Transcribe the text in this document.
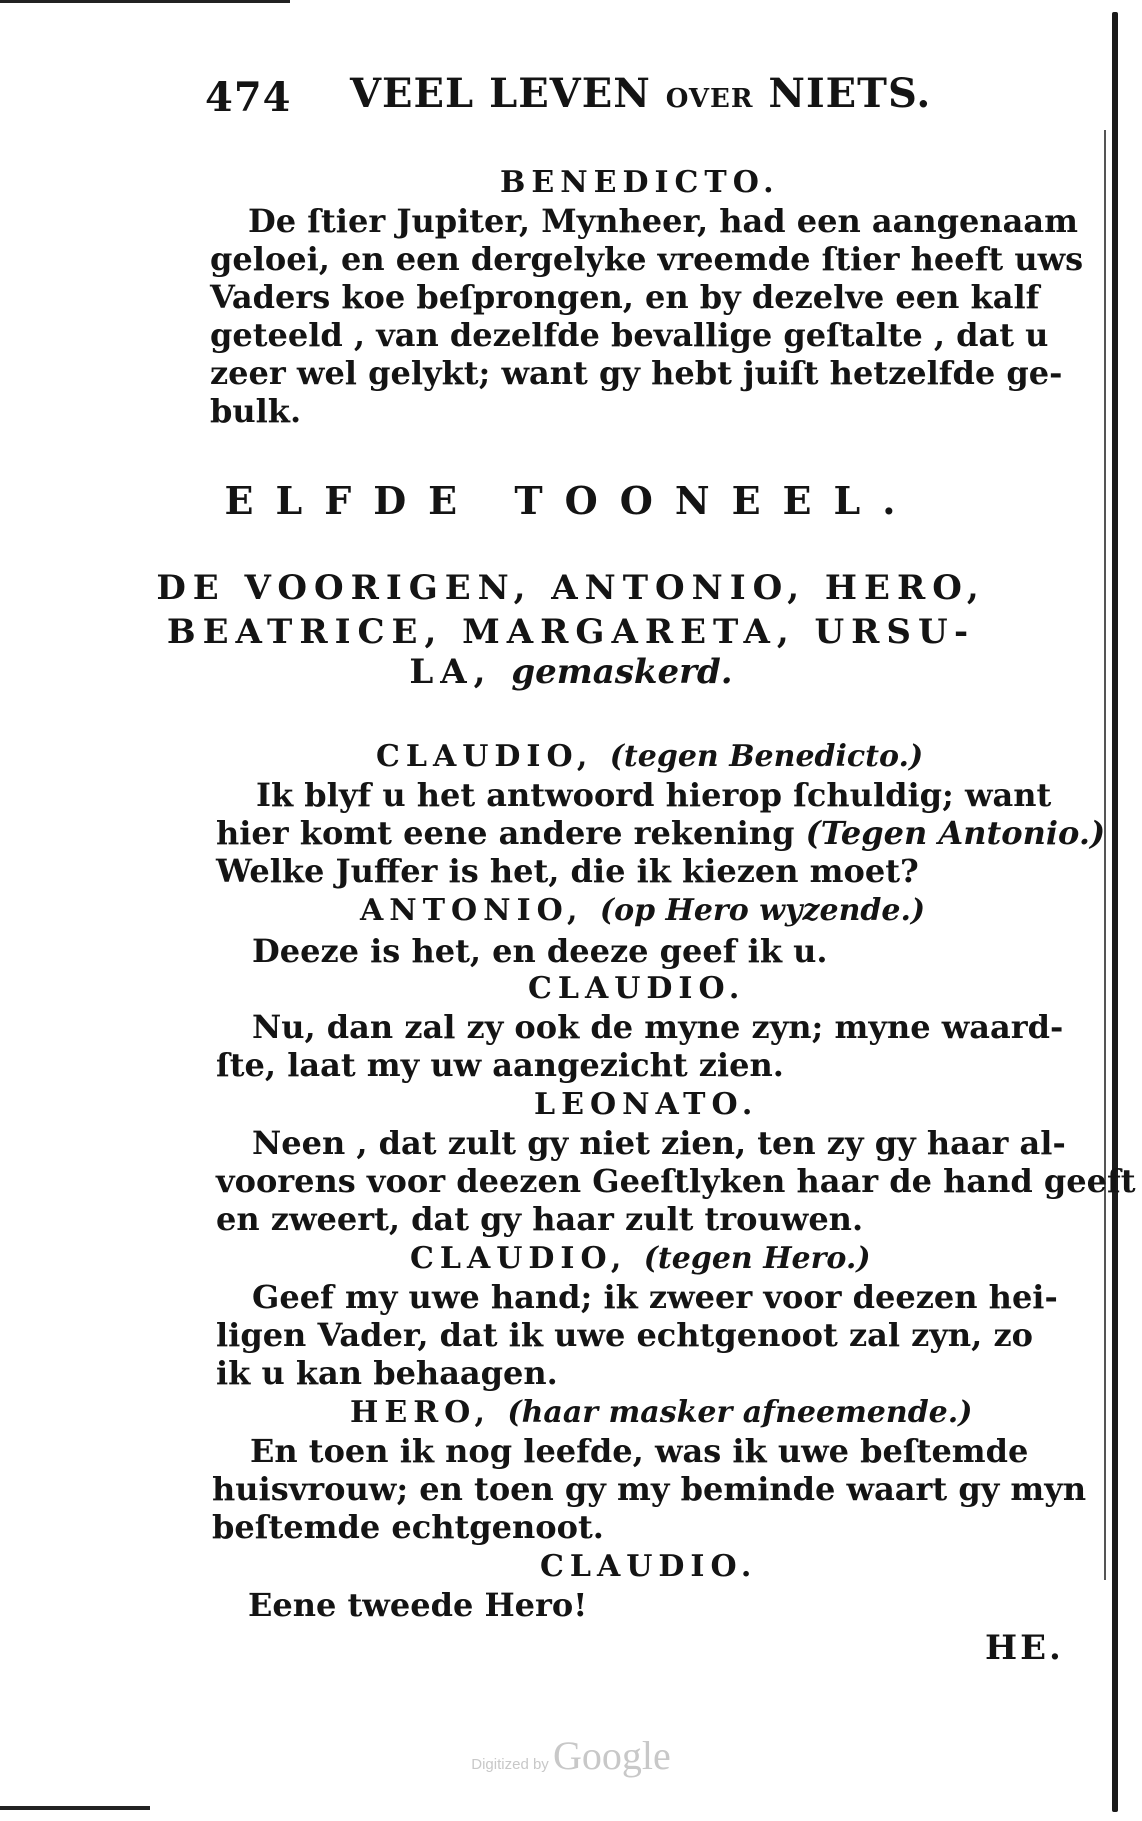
474 VEEL LEVEN OVER NIETS.
BENEDICTO.
De ſtier Jupiter, Mynheer, had een aangenaam
geloei, en een dergelyke vreemde ſtier heeft uws
Vaders koe beſprongen, en by dezelve een kalf
geteeld , van dezelfde bevallige geſtalte , dat u
zeer wel gelykt; want gy hebt juiſt hetzelfde ge-
bulk.
ELFDE TOONEEL.
DE VOORIGEN, ANTONIO, HERO,
BEATRICE, MARGARETA, URSU-
LA, gemaskerd.
CLAUDIO, (tegen Benedicto.)
Ik blyf u het antwoord hierop ſchuldig; want
hier komt eene andere rekening (Tegen Antonio.)
Welke Juffer is het, die ik kiezen moet?
ANTONIO, (op Hero wyzende.)
Deeze is het, en deeze geef ik u.
CLAUDIO.
Nu, dan zal zy ook de myne zyn; myne waard-
ſte, laat my uw aangezicht zien.
LEONATO.
Neen , dat zult gy niet zien, ten zy gy haar al-
voorens voor deezen Geeſtlyken haar de hand geeft
en zweert, dat gy haar zult trouwen.
CLAUDIO, (tegen Hero.)
Geef my uwe hand; ik zweer voor deezen hei-
ligen Vader, dat ik uwe echtgenoot zal zyn, zo
ik u kan behaagen.
HERO, (haar masker afneemende.)
En toen ik nog leefde, was ik uwe beſtemde
huisvrouw; en toen gy my beminde waart gy myn
beſtemde echtgenoot.
CLAUDIO.
Eene tweede Hero!
HE.
Digitized by Google
